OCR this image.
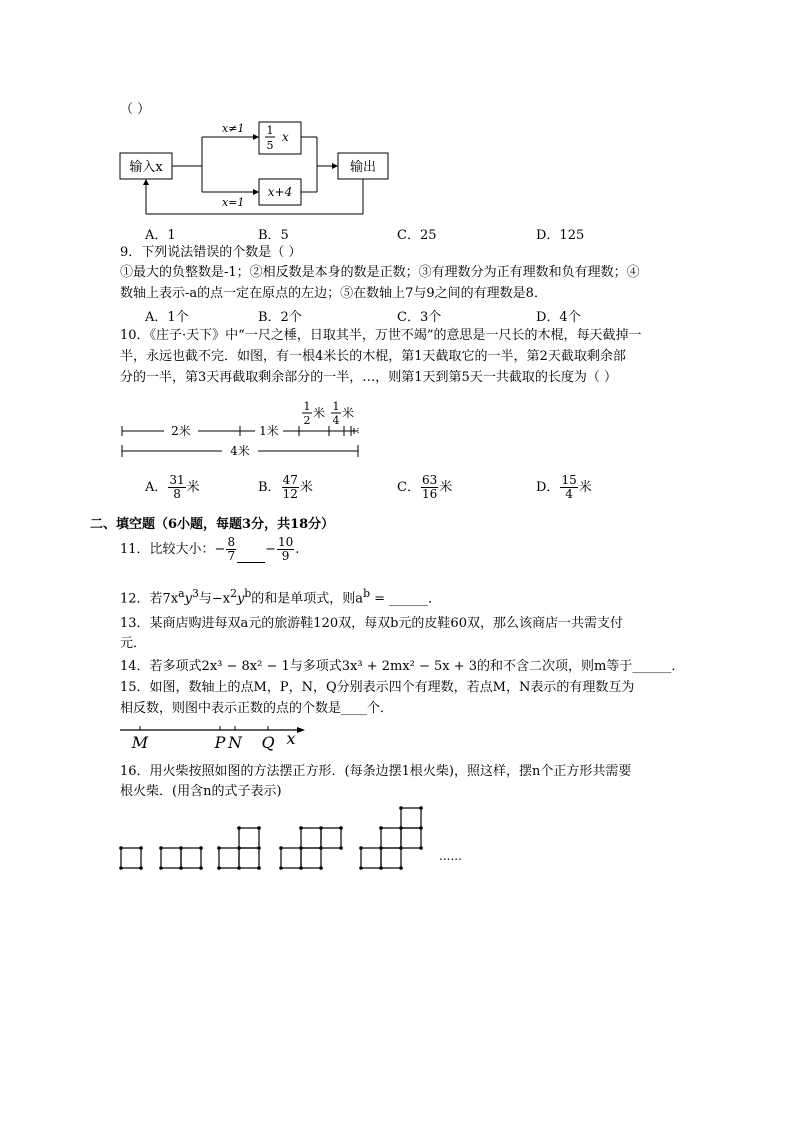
（ ）
输入x
x≠1
x=1
1
5
x
x+4
输出
A．1	B．5	C．25	D．125
9．下列说法错误的个数是（ ）
①最大的负整数是-1；②相反数是本身的数是正数；③有理数分为正有理数和负有理数；④
数轴上表示-a的点一定在原点的左边；⑤在数轴上7与9之间的有理数是8．
A．1个	B．2个	C．3个	D．4个
10．《庄子·天下》中“一尺之棰，日取其半，万世不竭”的意思是一尺长的木棍，每天截掉一
半，永远也截不完．如图，有一根4米长的木棍，第1天截取它的一半，第2天截取剩余部
分的一半，第3天再截取剩余部分的一半，…，则第1天到第5天一共截取的长度为（ ）
1
2
米 1
4
米
2米	1米
4米
A． $\frac{31}{8}$ 米	B． $\frac{47}{12}$ 米	C． $\frac{63}{16}$ 米	D． $\frac{15}{4}$ 米
二、填空题（6小题，每题3分，共18分）
11．比较大小：− $\frac{8}{7} - \frac{10}{9}$ .
12．若$7x^ay^3$与$-x^2y^b$的和是单项式，则$a^b$ = ______．
13．某商店购进每双a元的旅游鞋120双，每双b元的皮鞋60双，那么该商店一共需支付
元．
14．若多项式2x³ − 8x² − 1与多项式3x³ + 2mx² − 5x + 3的和不含二次项，则m等于______．
15．如图，数轴上的点M，P，N，Q分别表示四个有理数，若点M，N表示的有理数互为
相反数，则图中表示正数的点的个数是____个．
M	P N Q x
16．用火柴按照如图的方法摆正方形．(每条边摆1根火柴)，照这样，摆n个正方形共需要
根火柴．(用含n的式子表示)
......
